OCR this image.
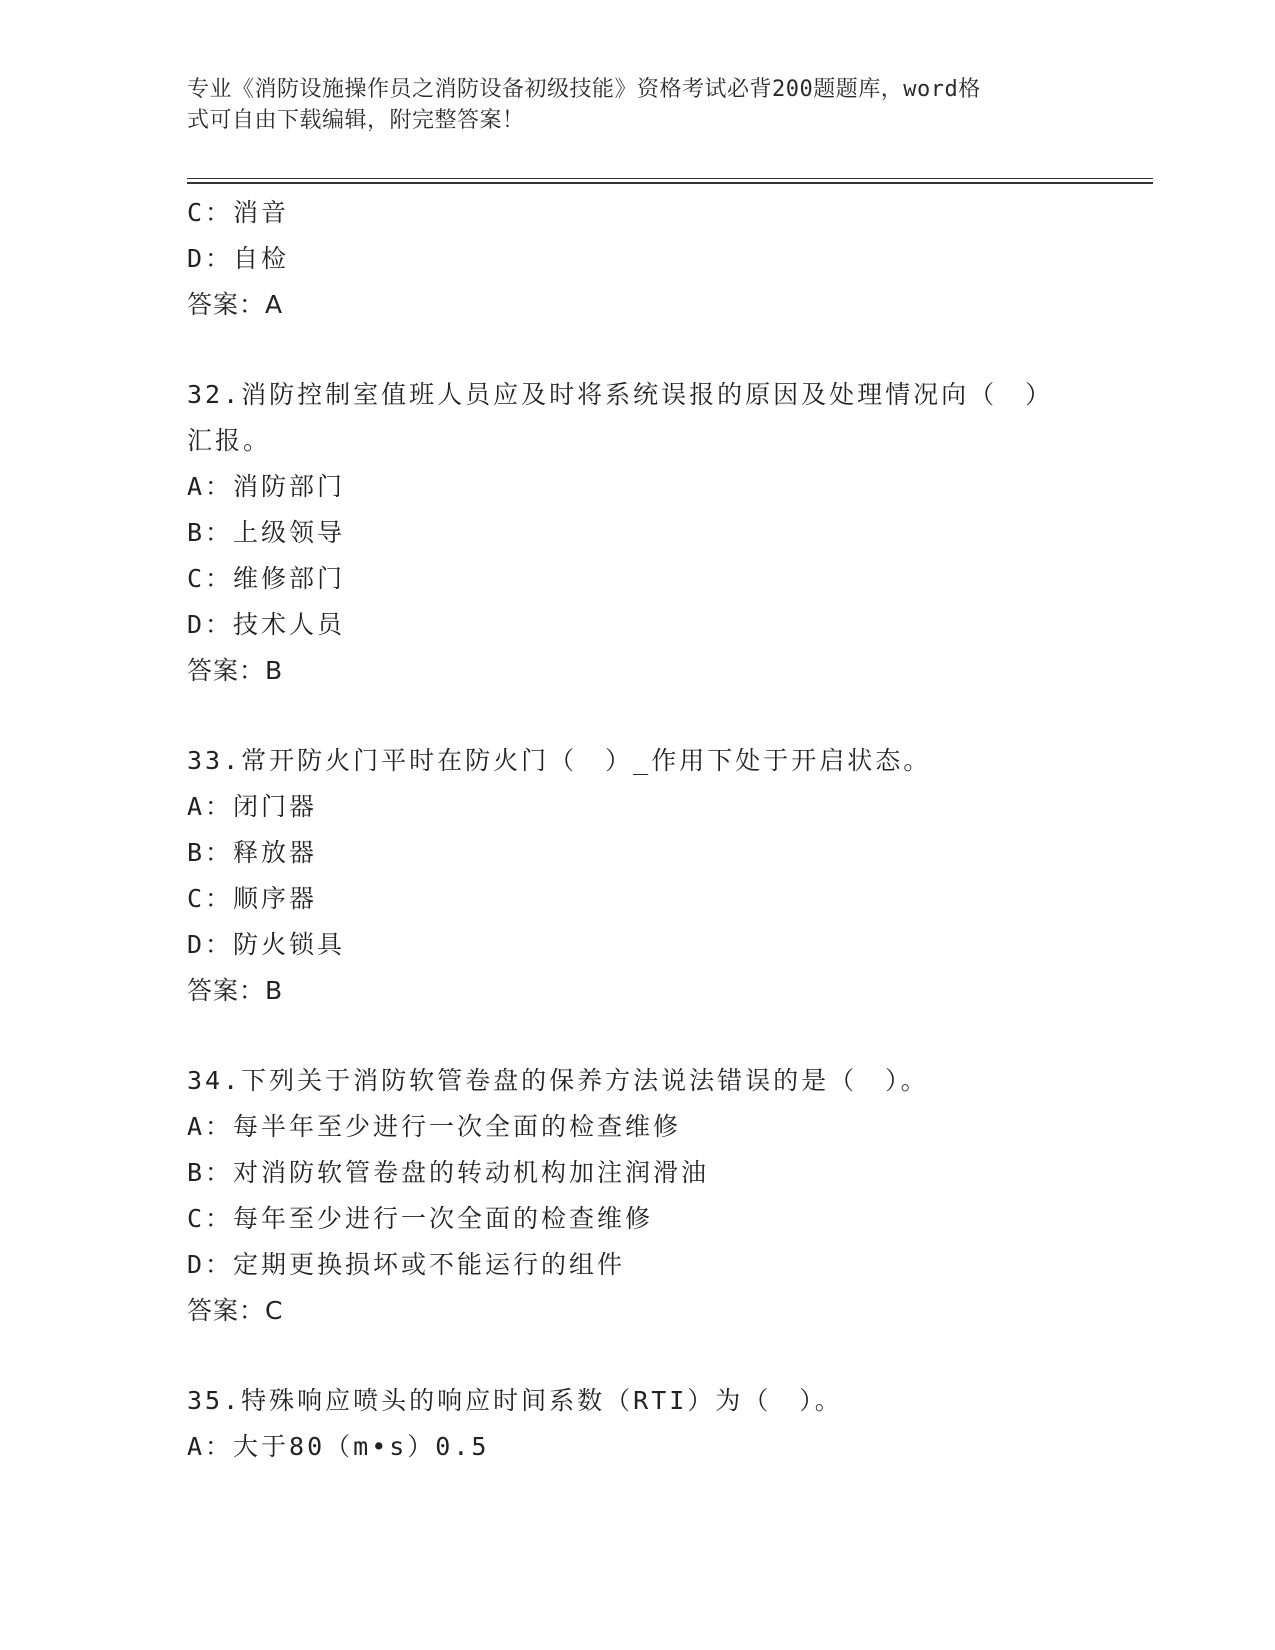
专业《消防设施操作员之消防设备初级技能》资格考试必背200题题库，word格
式可自由下载编辑，附完整答案！
C：消音
D：自检
答案：A
32.消防控制室值班人员应及时将系统误报的原因及处理情况向（　）
汇报。
A：消防部门
B：上级领导
C：维修部门
D：技术人员
答案：B
33.常开防火门平时在防火门（　）_作用下处于开启状态。
A：闭门器
B：释放器
C：顺序器
D：防火锁具
答案：B
34.下列关于消防软管卷盘的保养方法说法错误的是（　）。
A：每半年至少进行一次全面的检查维修
B：对消防软管卷盘的转动机构加注润滑油
C：每年至少进行一次全面的检查维修
D：定期更换损坏或不能运行的组件
答案：C
35.特殊响应喷头的响应时间系数（RTI）为（　）。
A：大于80（m•s）0.5
